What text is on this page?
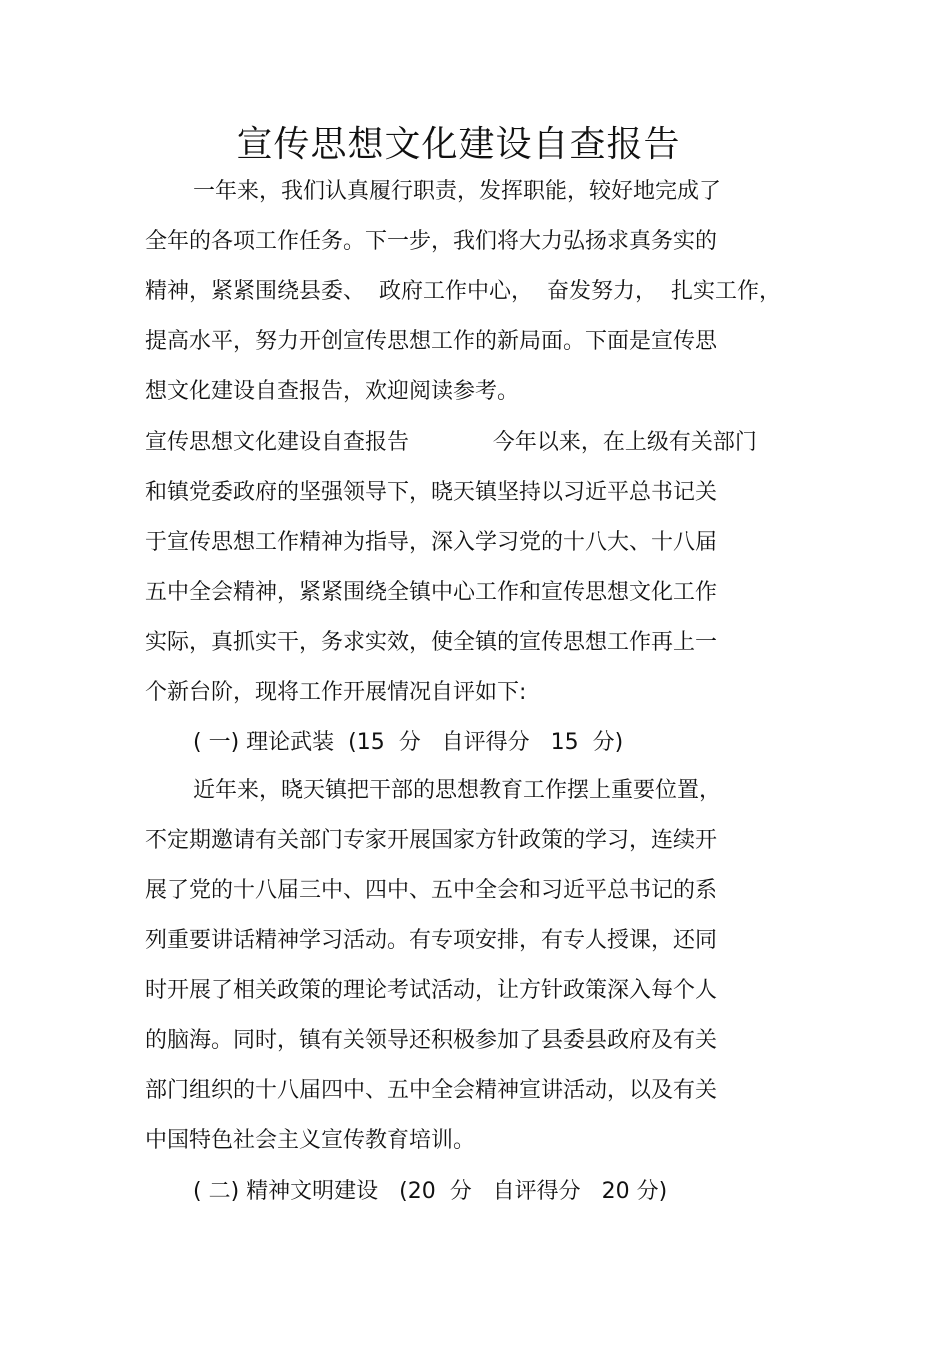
宣传思想文化建设自查报告
一年来，我们认真履行职责，发挥职能，较好地完成了
全年的各项工作任务。下一步，我们将大力弘扬求真务实的
精神，紧紧围绕县委、  政府工作中心，  奋发努力，  扎实工作，
提高水平，努力开创宣传思想工作的新局面。下面是宣传思
想文化建设自查报告，欢迎阅读参考。
宣传思想文化建设自查报告            今年以来，在上级有关部门
和镇党委政府的坚强领导下，晓天镇坚持以习近平总书记关
于宣传思想工作精神为指导，深入学习党的十八大、十八届
五中全会精神，紧紧围绕全镇中心工作和宣传思想文化工作
实际，真抓实干，务求实效，使全镇的宣传思想工作再上一
个新台阶，现将工作开展情况自评如下:
( 一) 理论武装  (15  分   自评得分   15  分)
近年来，晓天镇把干部的思想教育工作摆上重要位置，
不定期邀请有关部门专家开展国家方针政策的学习，连续开
展了党的十八届三中、四中、五中全会和习近平总书记的系
列重要讲话精神学习活动。有专项安排，有专人授课，还同
时开展了相关政策的理论考试活动，让方针政策深入每个人
的脑海。同时，镇有关领导还积极参加了县委县政府及有关
部门组织的十八届四中、五中全会精神宣讲活动，以及有关
中国特色社会主义宣传教育培训。
( 二) 精神文明建设   (20  分   自评得分   20 分)
